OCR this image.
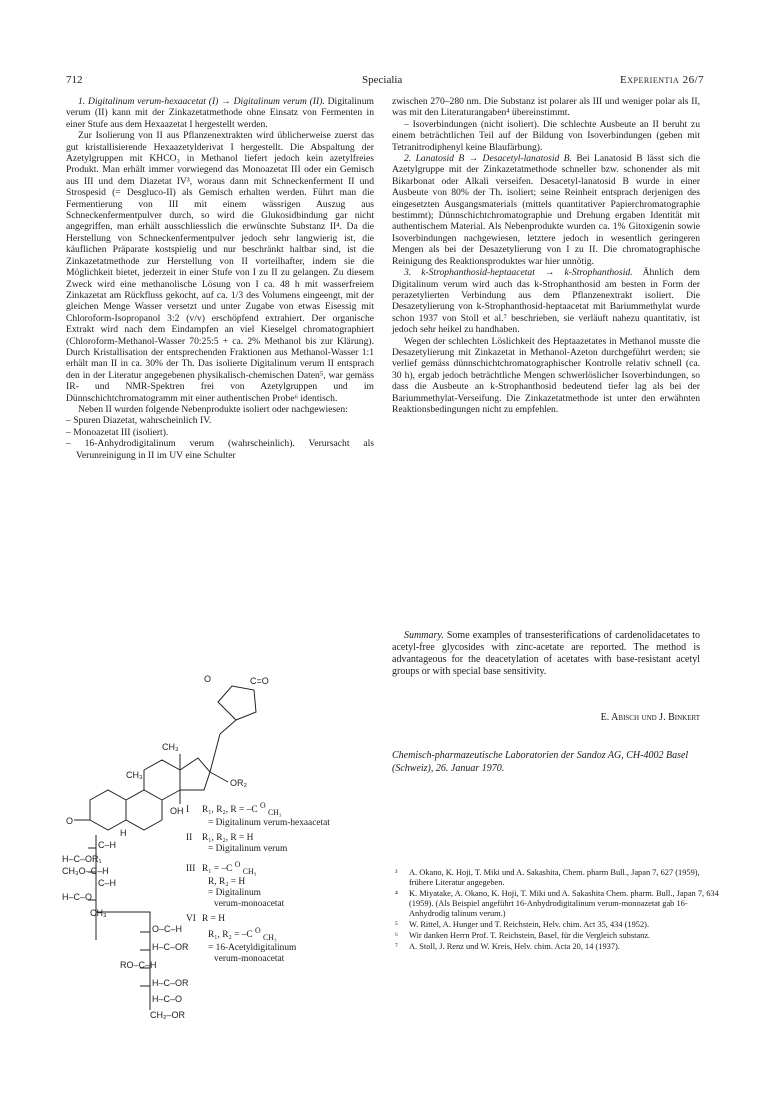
712	Specialia	Experientia 26/7

1. Digitalinum verum-hexaacetat (I) → Digitalinum verum (II). Digitalinum verum (II) kann mit der Zinkazetatmethode ohne Einsatz von Fermenten in einer Stufe aus dem Hexaazetat I hergestellt werden.

Zur Isolierung von II aus Pflanzenextrakten wird üblicherweise zuerst das gut kristallisierende Hexaazetylderivat I hergestellt. Die Abspaltung der Azetylgruppen mit KHCO₃ in Methanol liefert jedoch kein azetylfreies Produkt. Man erhält immer vorwiegend das Monoazetat III oder ein Gemisch aus III und dem Diazetat IV³, woraus dann mit Schneckenferment II und Strospesid (= Desgluco-II) als Gemisch erhalten werden. Führt man die Fermentierung von III mit einem wässrigen Auszug aus Schneckenfermentpulver durch, so wird die Glukosidbindung gar nicht angegriffen, man erhält ausschliesslich die erwünschte Substanz II⁴. Da die Herstellung von Schneckenfermentpulver jedoch sehr langwierig ist, die käuflichen Präparate kostspielig und nur beschränkt haltbar sind, ist die Zinkazetatmethode zur Herstellung von II vorteilhafter, indem sie die Möglichkeit bietet, jederzeit in einer Stufe von I zu II zu gelangen. Zu diesem Zweck wird eine methanolische Lösung von I ca. 48 h mit wasserfreiem Zinkazetat am Rückfluss gekocht, auf ca. 1/3 des Volumens eingeengt, mit der gleichen Menge Wasser versetzt und unter Zugabe von etwas Eisessig mit Chloroform-Isopropanol 3:2 (v/v) erschöpfend extrahiert. Der organische Extrakt wird nach dem Eindampfen an viel Kieselgel chromatographiert (Chloroform-Methanol-Wasser 70:25:5 + ca. 2% Methanol bis zur Klärung). Durch Kristallisation der entsprechenden Fraktionen aus Methanol-Wasser 1:1 erhält man II in ca. 30% der Th. Das isolierte Digitalinum verum II entsprach den in der Literatur angegebenen physikalisch-chemischen Daten⁵, war gemäss IR- und NMR-Spektren frei von Azetylgruppen und im Dünnschichtchromatogramm mit einer authentischen Probe⁶ identisch.

Neben II wurden folgende Nebenprodukte isoliert oder nachgewiesen:

– Spuren Diazetat, wahrscheinlich IV.

– Monoazetat III (isoliert).

– 16-Anhydrodigitalinum verum (wahrscheinlich). Verursacht als Verunreinigung in II im UV eine Schulter

zwischen 270–280 nm. Die Substanz ist polarer als III und weniger polar als II, was mit den Literaturangaben⁴ übereinstimmt.

– Isoverbindungen (nicht isoliert). Die schlechte Ausbeute an II beruht zu einem beträchtlichen Teil auf der Bildung von Isoverbindungen (geben mit Tetranitrodiphenyl keine Blaufärbung).

2. Lanatosid B → Desacetyl-lanatosid B. Bei Lanatosid B lässt sich die Azetylgruppe mit der Zinkazetatmethode schneller bzw. schonender als mit Bikarbonat oder Alkali verseifen. Desacetyl-lanatosid B wurde in einer Ausbeute von 80% der Th. isoliert; seine Reinheit entsprach derjenigen des eingesetzten Ausgangsmaterials (mittels quantitativer Papierchromatographie bestimmt); Dünnschichtchromatographie und Drehung ergaben Identität mit authentischem Material. Als Nebenprodukte wurden ca. 1% Gitoxigenin sowie Isoverbindungen nachgewiesen, letztere jedoch in wesentlich geringeren Mengen als bei der Desazetylierung von I zu II. Die chromatographische Reinigung des Reaktionsproduktes war hier unnötig.

3. k-Strophanthosid-heptaacetat → k-Strophanthosid. Ähnlich dem Digitalinum verum wird auch das k-Strophanthosid am besten in Form der perazetylierten Verbindung aus dem Pflanzenextrakt isoliert. Die Desazetylierung von k-Strophanthosid-heptaacetat mit Bariummethylat wurde schon 1937 von Stoll et al.⁷ beschrieben, sie verläuft nahezu quantitativ, ist jedoch sehr heikel zu handhaben.

Wegen der schlechten Löslichkeit des Heptaazetates in Methanol musste die Desazetylierung mit Zinkazetat in Methanol-Azeton durchgeführt werden; sie verlief gemäss dünnschichtchromatographischer Kontrolle relativ schnell (ca. 30 h), ergab jedoch beträchtliche Mengen schwerlöslicher Isoverbindungen, so dass die Ausbeute an k-Strophanthosid bedeutend tiefer lag als bei der Bariummethylat-Verseifung. Die Zinkazetatmethode ist unter den erwähnten Reaktionsbedingungen nicht zu empfehlen.

Summary. Some examples of transesterifications of cardenolidacetates to acetyl-free glycosides with zinc-acetate are reported. The method is advantageous for the deacetylation of acetates with base-resistant acetyl groups or with special base sensitivity.

E. Abisch und J. Binkert
Chemisch-pharmazeutische Laboratorien der Sandoz AG, CH-4002 Basel (Schweiz), 26. Januar 1970.
³	A. Okano, K. Hoji, T. Miki und A. Sakashita, Chem. pharm Bull., Japan 7, 627 (1959), frühere Literatur angegeben.
⁴	K. Miyatake, A. Okano, K. Hoji, T. Miki und A. Sakashita Chem. pharm. Bull., Japan 7, 634 (1959). (Als Beispiel angeführt 16-Anhydrodigitalinum verum-monoazetat gab 16-Anhydrodig talinum verum.)
⁵	W. Rittel, A. Hunger und T. Reichstein, Helv. chim. Act 35, 434 (1952).
⁶	Wir danken Herrn Prof. T. Reichstein, Basel, für die Vergleich substanz.
⁷	A. Stoll, J. Renz und W. Kreis, Helv. chim. Acta 20, 14 (1937).
CH₃
CH₃
OH
H
O	C=O
OR₂
O
C–H
H–C–OR₁
CH₃O–C–H
C–H
H–C–O
CH₃
O–C–H
H–C–OR
RO–C–H
H–C–OR
H–C–O
CH₂–OR
I R₁, R₂, R = –C $^O$ $_{CH_3}$
= Digitalinum verum-hexaacetat
II R₁, R₂, R = H
= Digitalinum verum
III R₁ = –C $^O$ $_{CH_3}$
R, R₂ = H
= Digitalinum
verum-monoacetat
VI R = H
R₁, R₂ = –C $^O$ $_{CH_3}$
= 16-Acetyldigitalinum
verum-monoacetat
